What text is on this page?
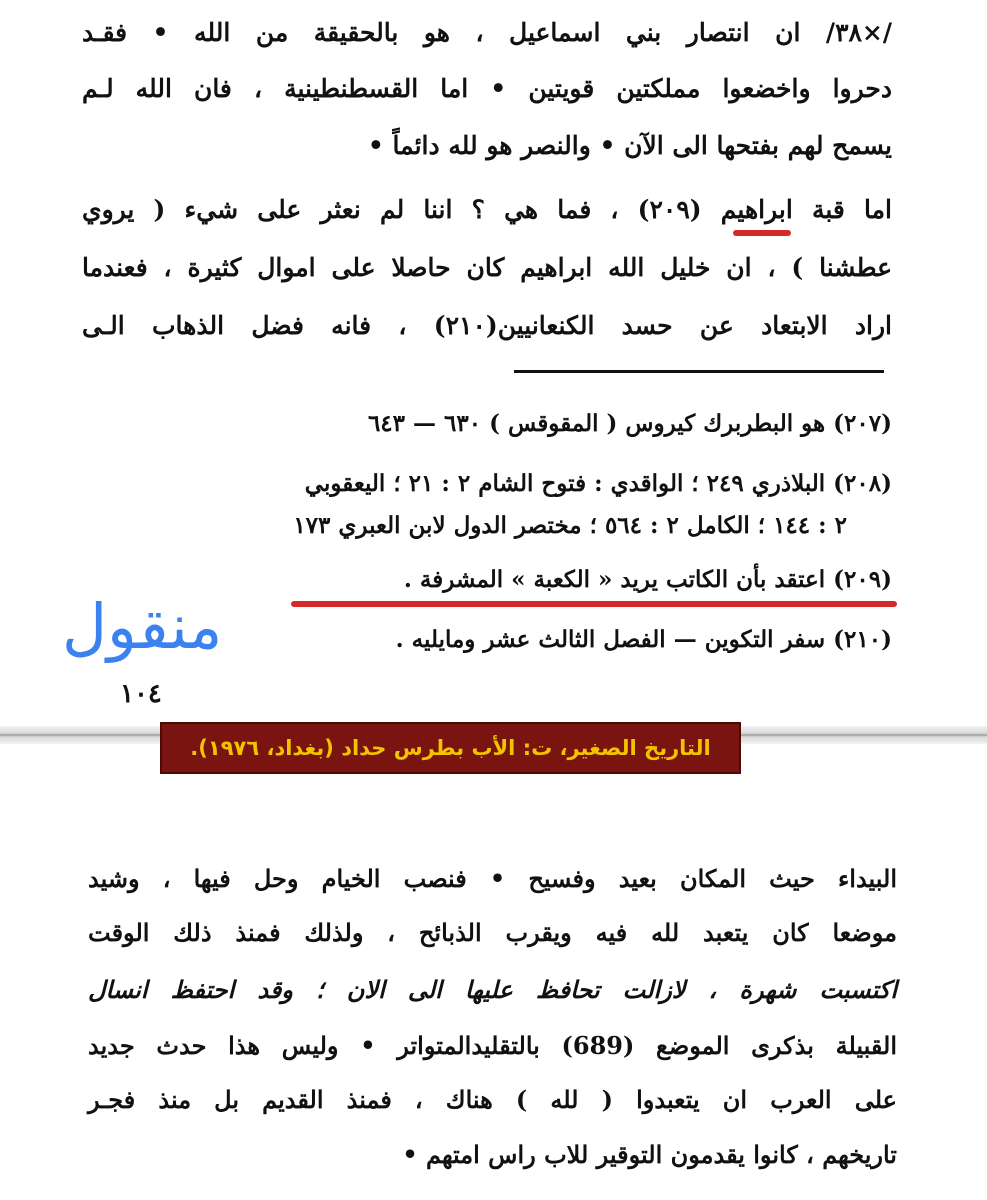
/×٣٨/ ان انتصار بني اسماعيل ، هو بالحقيقة من الله • فقـد
دحروا واخضعوا مملكتين قويتين • اما القسطنطينية ، فان الله لـم
يسمح لهم بفتحها الى الآن • والنصر هو لله دائماً •
اما قبة ابراهيم (٢٠٩) ، فما هي ؟ اننا لم نعثر على شيء ( يروي
عطشنا ) ، ان خليل الله ابراهيم كان حاصلا على اموال كثيرة ، فعندما
اراد الابتعاد عن حسد الكنعانيين(٢١٠) ، فانه فضل الذهاب الـى
(٢٠٧) هو البطربرك كيروس ( المقوقس ) ٦٣٠ — ٦٤٣
(٢٠٨) البلاذري ٢٤٩ ؛ الواقدي : فتوح الشام ٢ : ٢١ ؛ اليعقوبي
٢ : ١٤٤ ؛ الكامل ٢ : ٥٦٤ ؛ مختصر الدول لابن العبري ١٧٣
(٢٠٩) اعتقد بأن الكاتب يريد « الكعبة » المشرفة .
(٢١٠) سفر التكوين — الفصل الثالث عشر ومايليه .
منقول
١٠٤
التاريخ الصغير، ت: الأب بطرس حداد (بغداد، ١٩٧٦).
البيداء حيث المكان بعيد وفسيح • فنصب الخيام وحل فيها ، وشيد
موضعا كان يتعبد لله فيه ويقرب الذبائح ، ولذلك فمنذ ذلك الوقت
اكتسبت شهرة ، لازالت تحافظ عليها الى الان ؛ وقد احتفظ انسال
القبيلة بذكرى الموضع (689) بالتقليدالمتواتر • وليس هذا حدث جديد
على العرب ان يتعبدوا ( لله ) هناك ، فمنذ القديم بل منذ فجـر
تاريخهم ، كانوا يقدمون التوقير للاب راس امتهم •
